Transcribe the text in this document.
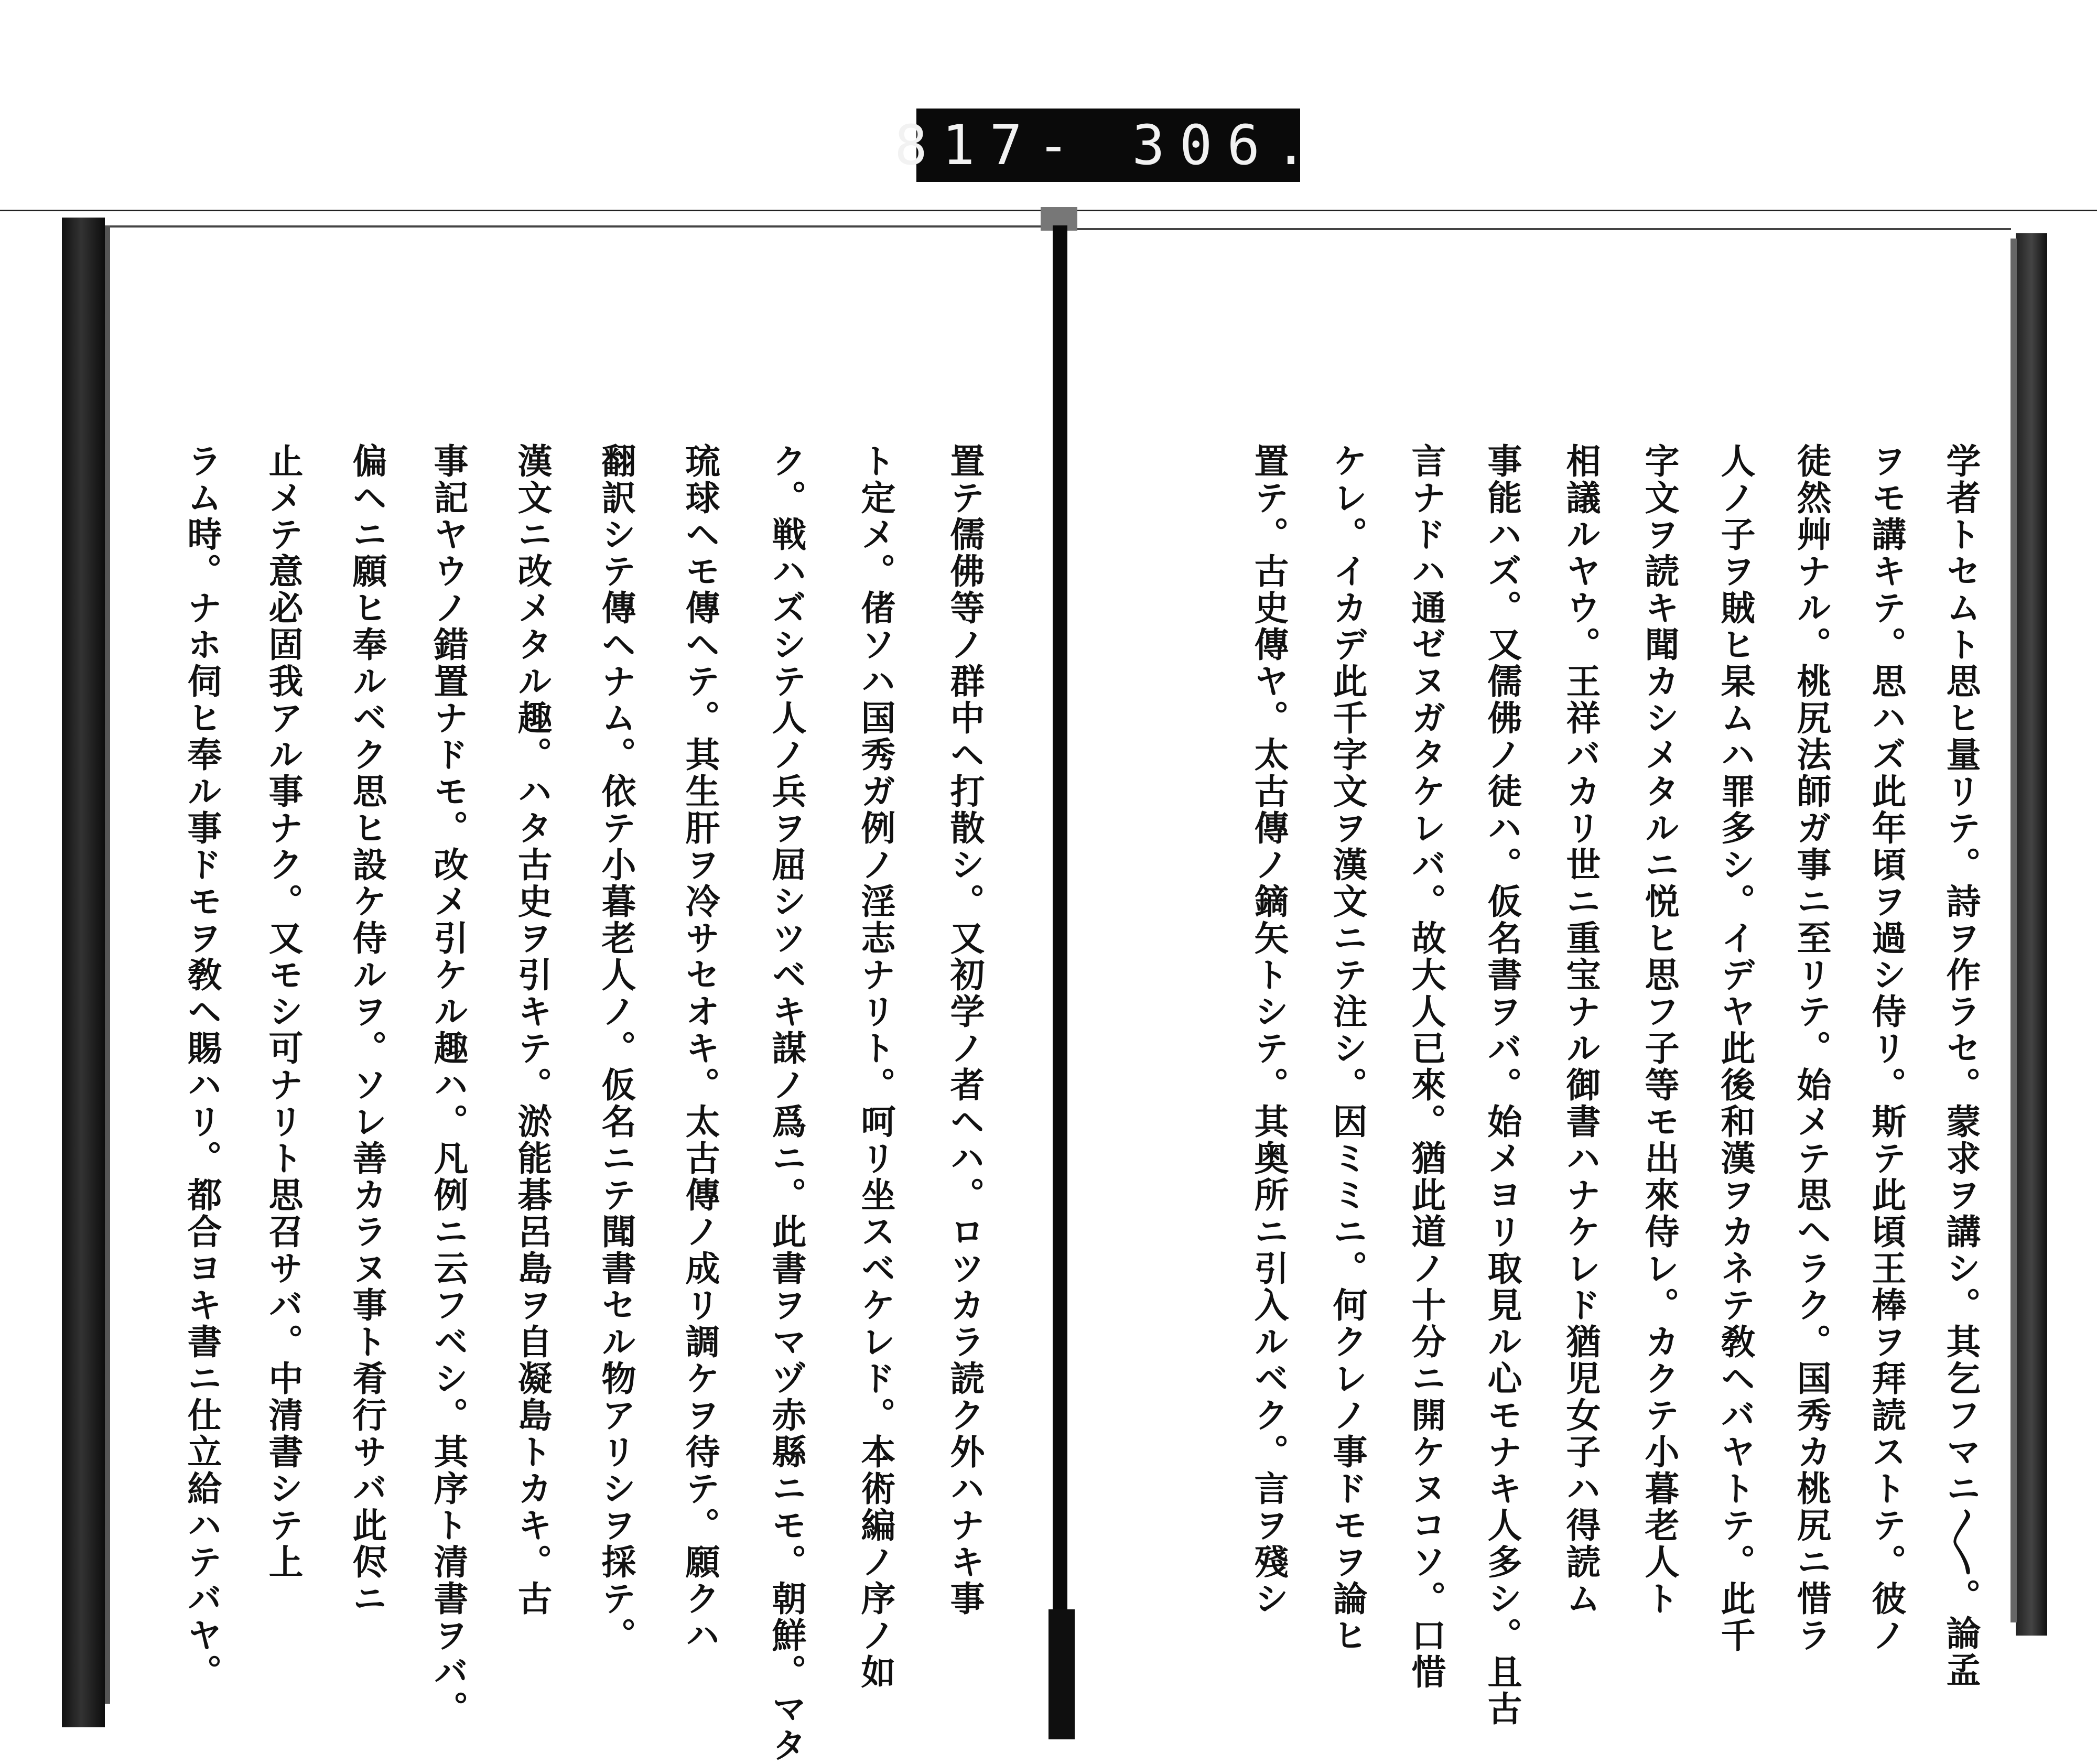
817- 306.
学者トセムト思ヒ量リテ。詩ヲ作ラセ。蒙求ヲ講シ。其乞フマニ〳〵。論孟
ヲモ講キテ。思ハズ此年頃ヲ過シ侍リ。斯テ此頃王棒ヲ拜読ストテ。彼ノ
徒然艸ナル。桃尻法師ガ事ニ至リテ。始メテ思ヘラク。国秀カ桃尻ニ惜ラ
人ノ子ヲ賊ヒ杲ムハ罪多シ。イデヤ此後和漢ヲカネテ敎ヘバヤトテ。此千
字文ヲ読キ聞カシメタルニ悦ヒ思フ子等モ出來侍レ。カクテ小暮老人ト
相議ルヤウ。王祥バカリ世ニ重宝ナル御書ハナケレド猶児女子ハ得読ム
事能ハズ。又儒佛ノ徒ハ。仮名書ヲバ。始メヨリ取見ル心モナキ人多シ。且古
言ナドハ通ゼヌガタケレバ。故大人已來。猶此道ノ十分ニ開ケヌコソ。口惜
ケレ。イカデ此千字文ヲ漢文ニテ注シ。因ミミニ。何クレノ事ドモヲ論ヒ
置テ。古史傳ヤ。太古傳ノ鏑矢トシテ。其奥所ニ引入ルベク。言ヲ殘シ
置テ儒佛等ノ群中ヘ打散シ。又初学ノ者ヘハ。ロツカラ読ク外ハナキ事
ト定メ。偖ソハ国秀ガ例ノ淫志ナリト。呵リ坐スベケレド。本術編ノ序ノ如
ク。戦ハズシテ人ノ兵ヲ屈シツベキ謀ノ爲ニ。此書ヲマヅ赤縣ニモ。朝鮮。マタ
琉球ヘモ傳ヘテ。其生肝ヲ冷サセオキ。太古傳ノ成リ調ケヲ待テ。願クハ
翻訳シテ傳ヘナム。依テ小暮老人ノ。仮名ニテ聞書セル物アリシヲ採テ。
漢文ニ改メタル趣。ハタ古史ヲ引キテ。淤能碁呂島ヲ自凝島トカキ。古
事記ヤウノ錯置ナドモ。改メ引ケル趣ハ。凡例ニ云フベシ。其序ト清書ヲバ。
偏ヘニ願ヒ奉ルベク思ヒ設ケ侍ルヲ。ソレ善カラヌ事ト肴行サバ此侭ニ
止メテ意必固我アル事ナク。又モシ可ナリト思召サバ。中清書シテ上
ラム時。ナホ伺ヒ奉ル事ドモヲ敎ヘ賜ハリ。都合ヨキ書ニ仕立給ハテバヤ。
